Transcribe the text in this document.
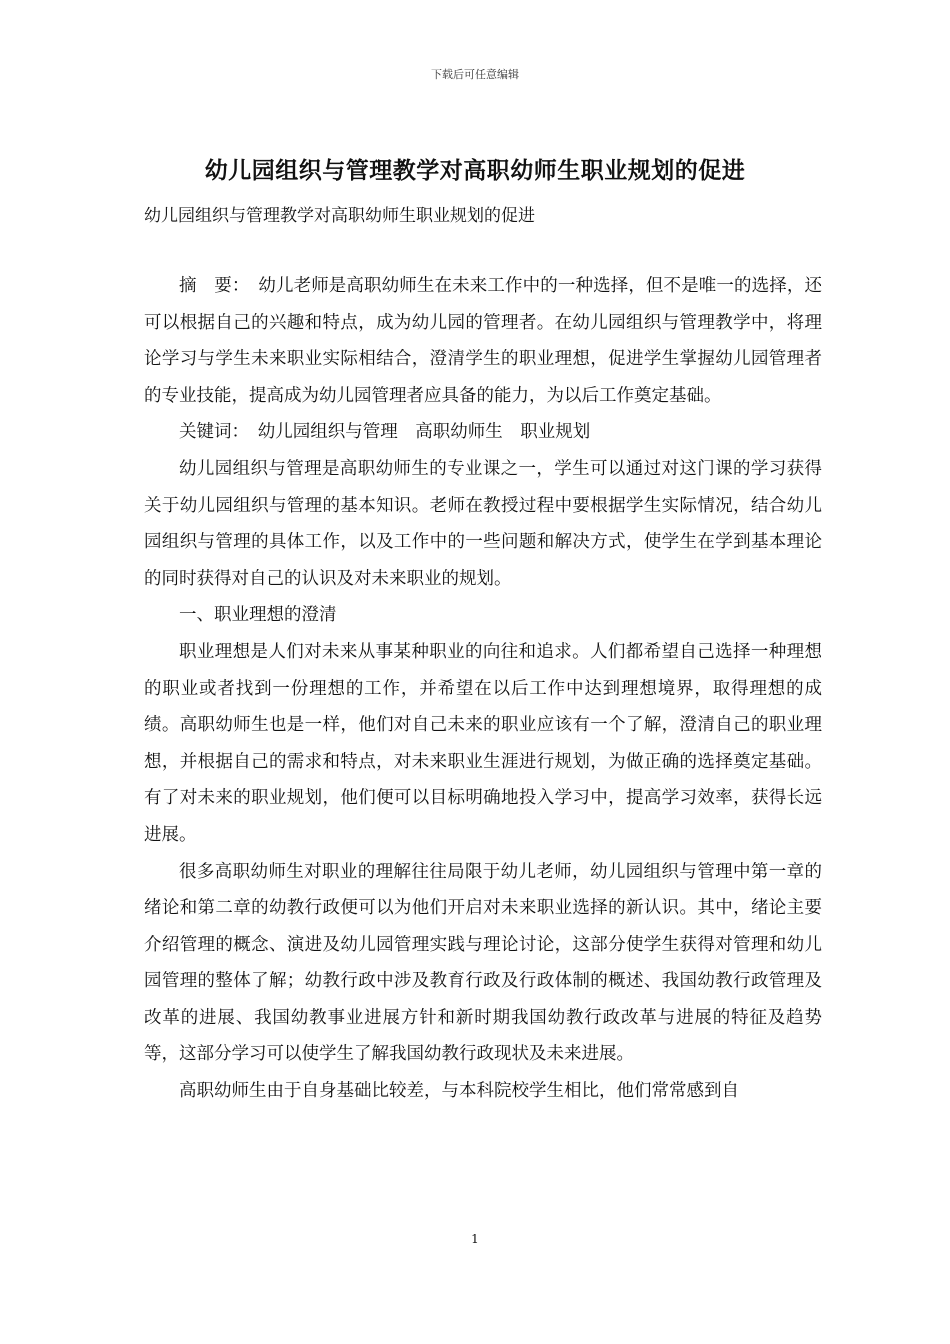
下载后可任意编辑
幼儿园组织与管理教学对高职幼师生职业规划的促进
幼儿园组织与管理教学对高职幼师生职业规划的促进

摘　要：　幼儿老师是高职幼师生在未来工作中的一种选择，但不是唯一的选择，还可以根据自己的兴趣和特点，成为幼儿园的管理者。在幼儿园组织与管理教学中，将理论学习与学生未来职业实际相结合，澄清学生的职业理想，促进学生掌握幼儿园管理者的专业技能，提高成为幼儿园管理者应具备的能力，为以后工作奠定基础。

关键词：　幼儿园组织与管理　高职幼师生　职业规划

幼儿园组织与管理是高职幼师生的专业课之一，学生可以通过对这门课的学习获得关于幼儿园组织与管理的基本知识。老师在教授过程中要根据学生实际情况，结合幼儿园组织与管理的具体工作，以及工作中的一些问题和解决方式，使学生在学到基本理论的同时获得对自己的认识及对未来职业的规划。

一、职业理想的澄清

职业理想是人们对未来从事某种职业的向往和追求。人们都希望自己选择一种理想的职业或者找到一份理想的工作，并希望在以后工作中达到理想境界，取得理想的成绩。高职幼师生也是一样，他们对自己未来的职业应该有一个了解，澄清自己的职业理想，并根据自己的需求和特点，对未来职业生涯进行规划，为做正确的选择奠定基础。有了对未来的职业规划，他们便可以目标明确地投入学习中，提高学习效率，获得长远进展。

很多高职幼师生对职业的理解往往局限于幼儿老师，幼儿园组织与管理中第一章的绪论和第二章的幼教行政便可以为他们开启对未来职业选择的新认识。其中，绪论主要介绍管理的概念、演进及幼儿园管理实践与理论讨论，这部分使学生获得对管理和幼儿园管理的整体了解；幼教行政中涉及教育行政及行政体制的概述、我国幼教行政管理及改革的进展、我国幼教事业进展方针和新时期我国幼教行政改革与进展的特征及趋势等，这部分学习可以使学生了解我国幼教行政现状及未来进展。

高职幼师生由于自身基础比较差，与本科院校学生相比，他们常常感到自

1
